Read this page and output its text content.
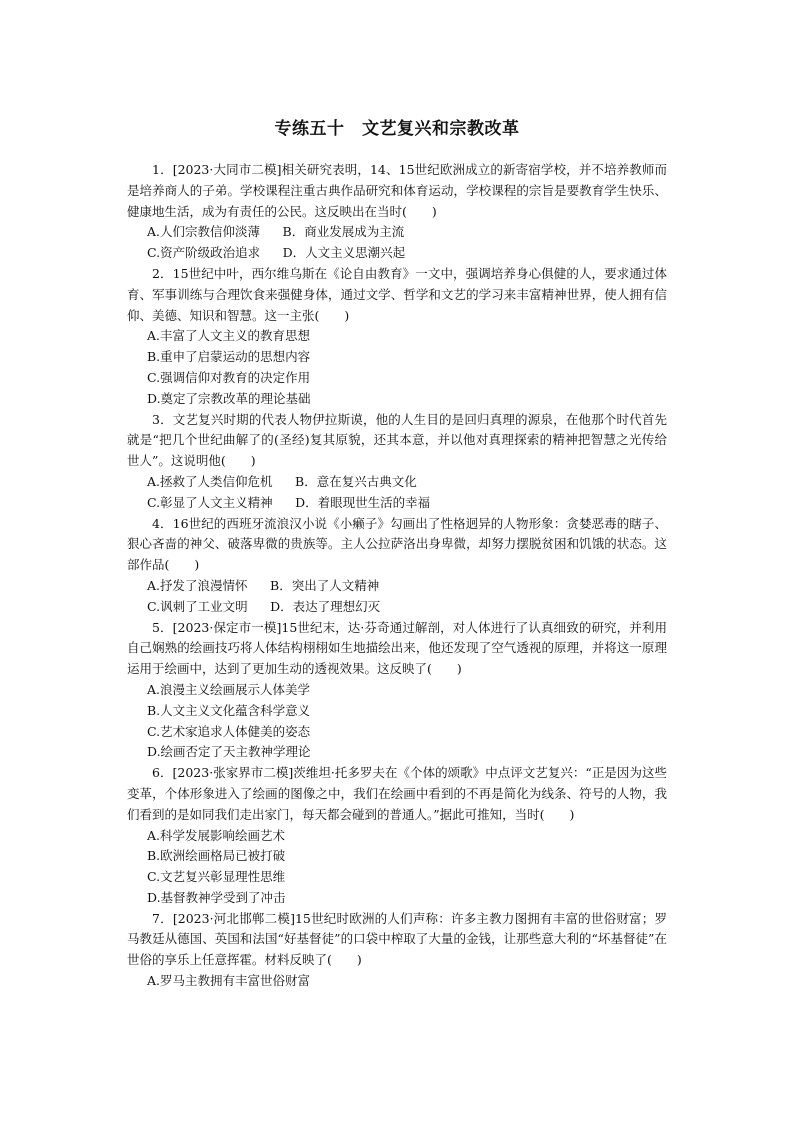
专练五十　文艺复兴和宗教改革

1．[2023·大同市二模]相关研究表明，14、15世纪欧洲成立的新寄宿学校，并不培养教师而是培养商人的子弟。学校课程注重古典作品研究和体育运动，学校课程的宗旨是要教育学生快乐、健康地生活，成为有责任的公民。这反映出在当时(　　)

A.人们宗教信仰淡薄 B．商业发展成为主流
C.资产阶级政治追求 D．人文主义思潮兴起

2．15世纪中叶，西尔维乌斯在《论自由教育》一文中，强调培养身心俱健的人，要求通过体育、军事训练与合理饮食来强健身体，通过文学、哲学和文艺的学习来丰富精神世界，使人拥有信仰、美德、知识和智慧。这一主张(　　)

A.丰富了人文主义的教育思想
B.重申了启蒙运动的思想内容
C.强调信仰对教育的决定作用
D.奠定了宗教改革的理论基础

3．文艺复兴时期的代表人物伊拉斯谟，他的人生目的是回归真理的源泉，在他那个时代首先就是“把几个世纪曲解了的(圣经)复其原貌，还其本意，并以他对真理探索的精神把智慧之光传给世人”。这说明他(　　)

A.拯救了人类信仰危机 B．意在复兴古典文化
C.彰显了人文主义精神 D．着眼现世生活的幸福

4．16世纪的西班牙流浪汉小说《小癞子》勾画出了性格迥异的人物形象：贪婪恶毒的瞎子、狠心吝啬的神父、破落卑微的贵族等。主人公拉萨洛出身卑微，却努力摆脱贫困和饥饿的状态。这部作品(　　)

A.抒发了浪漫情怀 B．突出了人文精神
C.讽刺了工业文明 D．表达了理想幻灭

5．[2023·保定市一模]15世纪末，达·芬奇通过解剖，对人体进行了认真细致的研究，并利用自己娴熟的绘画技巧将人体结构栩栩如生地描绘出来，他还发现了空气透视的原理，并将这一原理运用于绘画中，达到了更加生动的透视效果。这反映了(　　)

A.浪漫主义绘画展示人体美学
B.人文主义文化蕴含科学意义
C.艺术家追求人体健美的姿态
D.绘画否定了天主教神学理论

6．[2023·张家界市二模]茨维坦·托多罗夫在《个体的颂歌》中点评文艺复兴：“正是因为这些变革，个体形象进入了绘画的图像之中，我们在绘画中看到的不再是简化为线条、符号的人物，我们看到的是如同我们走出家门，每天都会碰到的普通人。”据此可推知，当时(　　)

A.科学发展影响绘画艺术
B.欧洲绘画格局已被打破
C.文艺复兴彰显理性思维
D.基督教神学受到了冲击

7．[2023·河北邯郸二模]15世纪时欧洲的人们声称：许多主教力图拥有丰富的世俗财富；罗马教廷从德国、英国和法国“好基督徒”的口袋中榨取了大量的金钱，让那些意大利的“坏基督徒”在世俗的享乐上任意挥霍。材料反映了(　　)

A.罗马主教拥有丰富世俗财富
